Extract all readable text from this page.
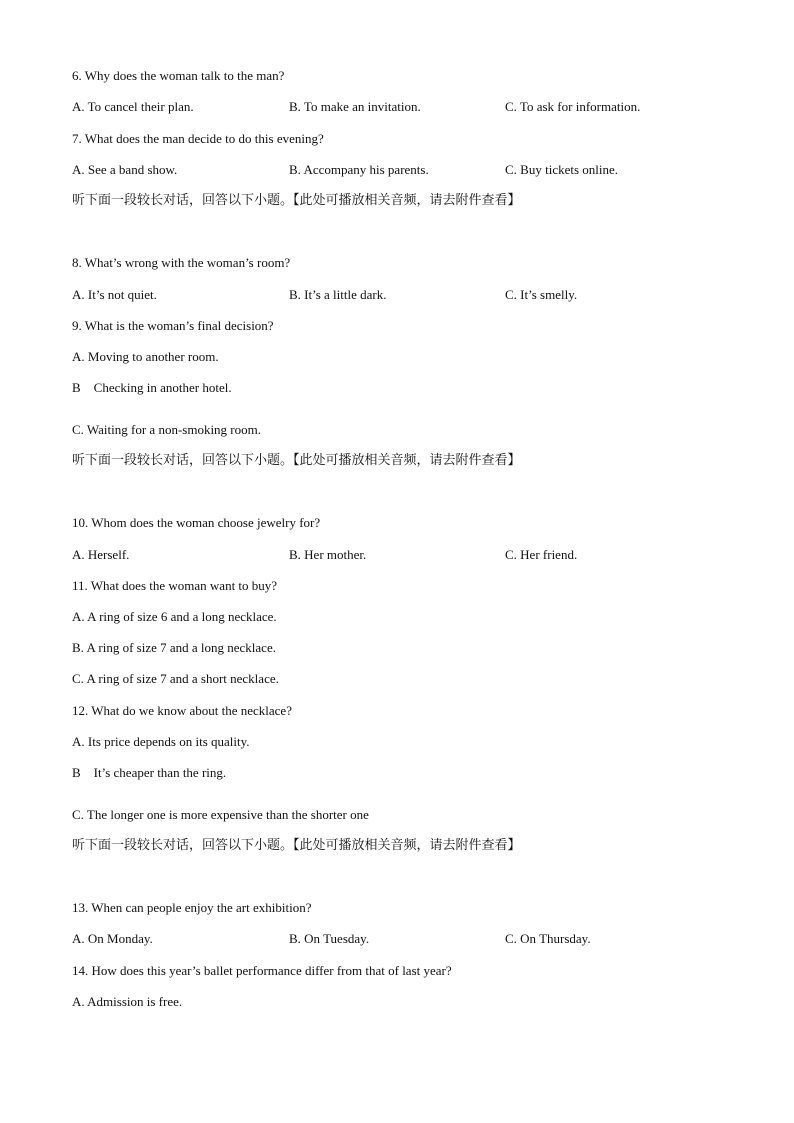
6. Why does the woman talk to the man?
A. To cancel their plan.	B. To make an invitation.	C. To ask for information.
7. What does the man decide to do this evening?
A. See a band show.	B. Accompany his parents.	C. Buy tickets online.
听下面一段较长对话，回答以下小题。【此处可播放相关音频，请去附件查看】
8. What’s wrong with the woman’s room?
A. It’s not quiet.	B. It’s a little dark.	C. It’s smelly.
9. What is the woman’s final decision?
A. Moving to another room.
B    Checking in another hotel.
C. Waiting for a non-smoking room.
听下面一段较长对话，回答以下小题。【此处可播放相关音频，请去附件查看】
10. Whom does the woman choose jewelry for?
A. Herself.	B. Her mother.	C. Her friend.
11. What does the woman want to buy?
A. A ring of size 6 and a long necklace.
B. A ring of size 7 and a long necklace.
C. A ring of size 7 and a short necklace.
12. What do we know about the necklace?
A. Its price depends on its quality.
B    It’s cheaper than the ring.
C. The longer one is more expensive than the shorter one
听下面一段较长对话，回答以下小题。【此处可播放相关音频，请去附件查看】
13. When can people enjoy the art exhibition?
A. On Monday.	B. On Tuesday.	C. On Thursday.
14. How does this year’s ballet performance differ from that of last year?
A. Admission is free.
